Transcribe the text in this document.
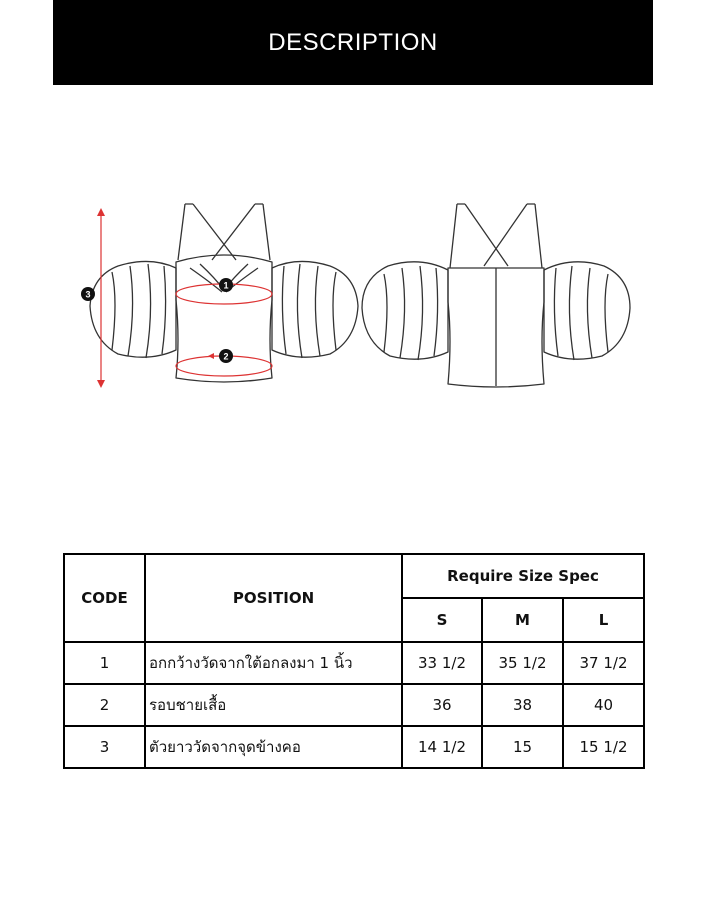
DESCRIPTION
1
2
3
CODE	POSITION	Require Size Spec		
		S	M	L
1	อกกว้างวัดจากใต้อกลงมา 1 นิ้ว	33 1/2	35 1/2	37 1/2
2	รอบชายเสื้อ	36	38	40
3	ตัวยาววัดจากจุดข้างคอ	14 1/2	15	15 1/2
